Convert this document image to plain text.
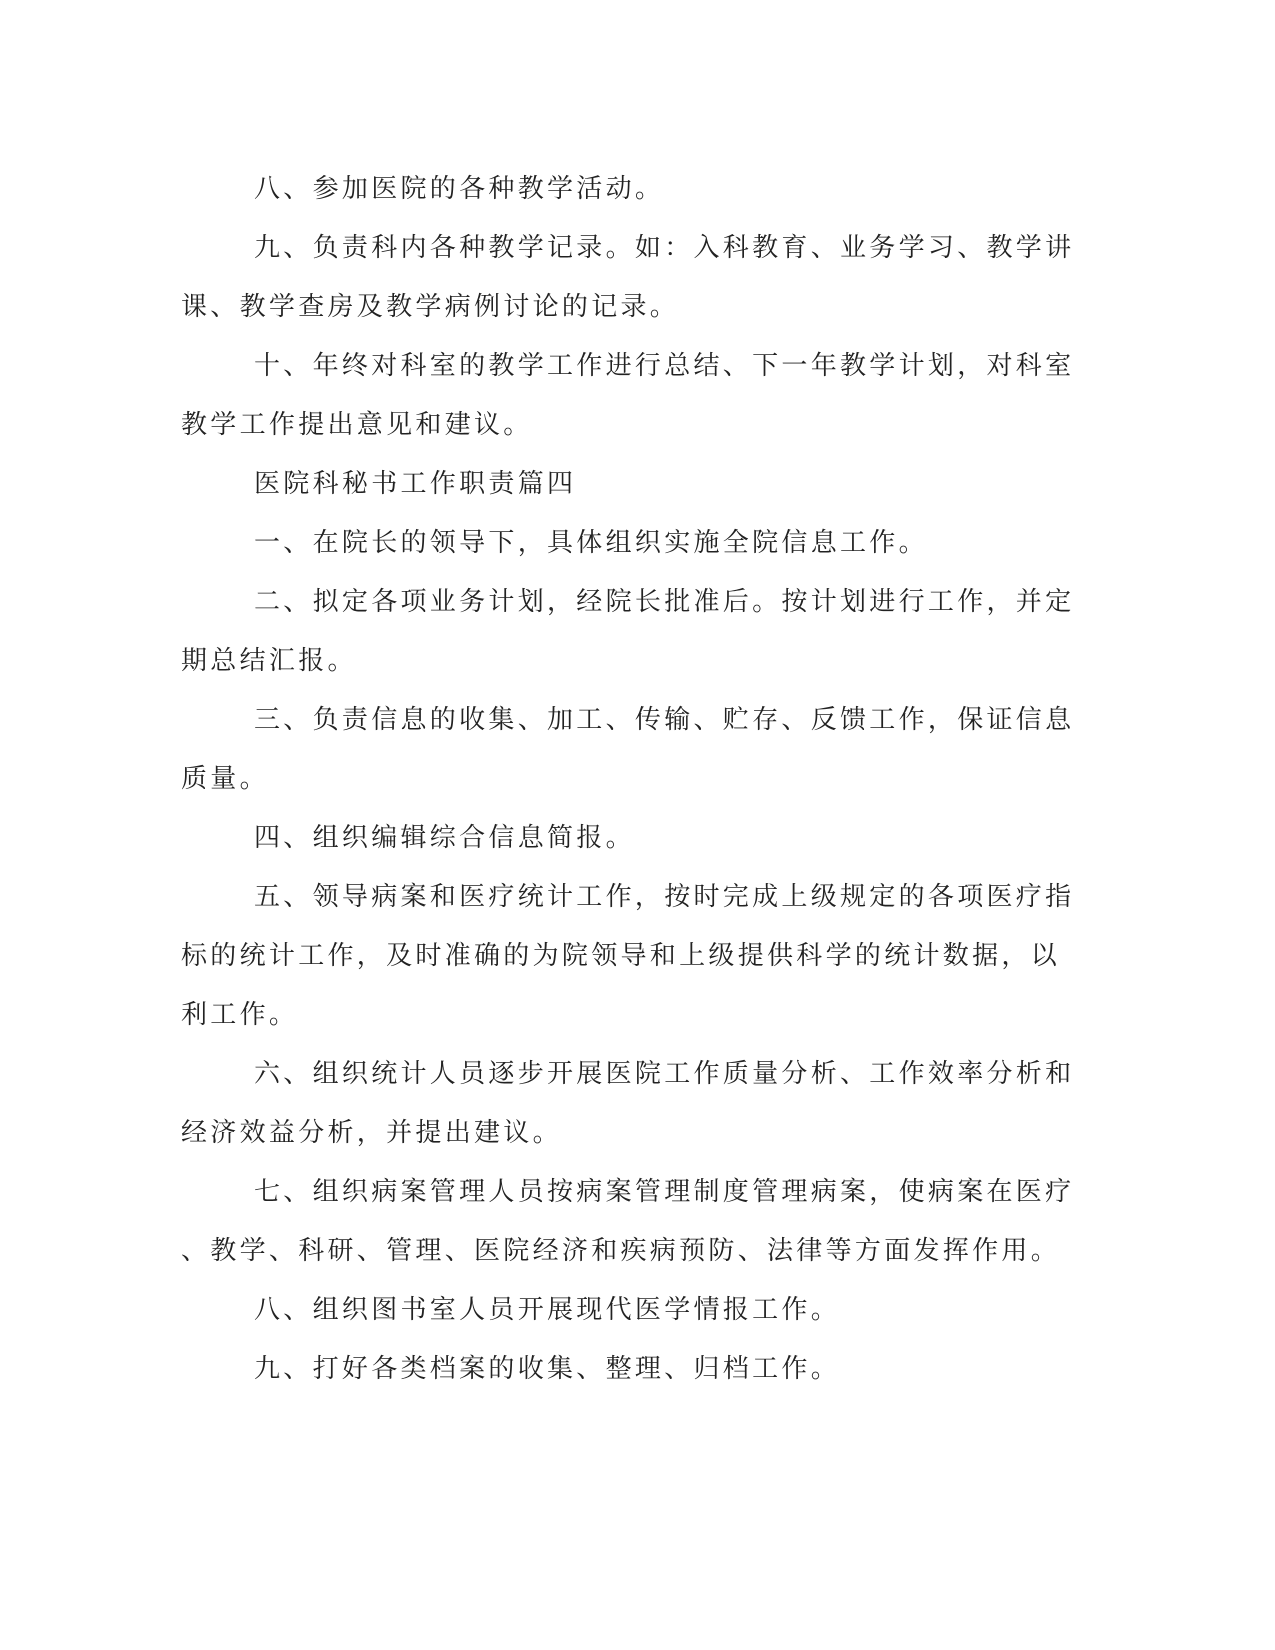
八、参加医院的各种教学活动。

九、负责科内各种教学记录。如：入科教育、业务学习、教学讲

课、教学查房及教学病例讨论的记录。

十、年终对科室的教学工作进行总结、下一年教学计划，对科室

教学工作提出意见和建议。

医院科秘书工作职责篇四

一、在院长的领导下，具体组织实施全院信息工作。

二、拟定各项业务计划，经院长批准后。按计划进行工作，并定

期总结汇报。

三、负责信息的收集、加工、传输、贮存、反馈工作，保证信息

质量。

四、组织编辑综合信息简报。

五、领导病案和医疗统计工作，按时完成上级规定的各项医疗指

标的统计工作，及时准确的为院领导和上级提供科学的统计数据，以

利工作。

六、组织统计人员逐步开展医院工作质量分析、工作效率分析和

经济效益分析，并提出建议。

七、组织病案管理人员按病案管理制度管理病案，使病案在医疗

、教学、科研、管理、医院经济和疾病预防、法律等方面发挥作用。

八、组织图书室人员开展现代医学情报工作。

九、打好各类档案的收集、整理、归档工作。
